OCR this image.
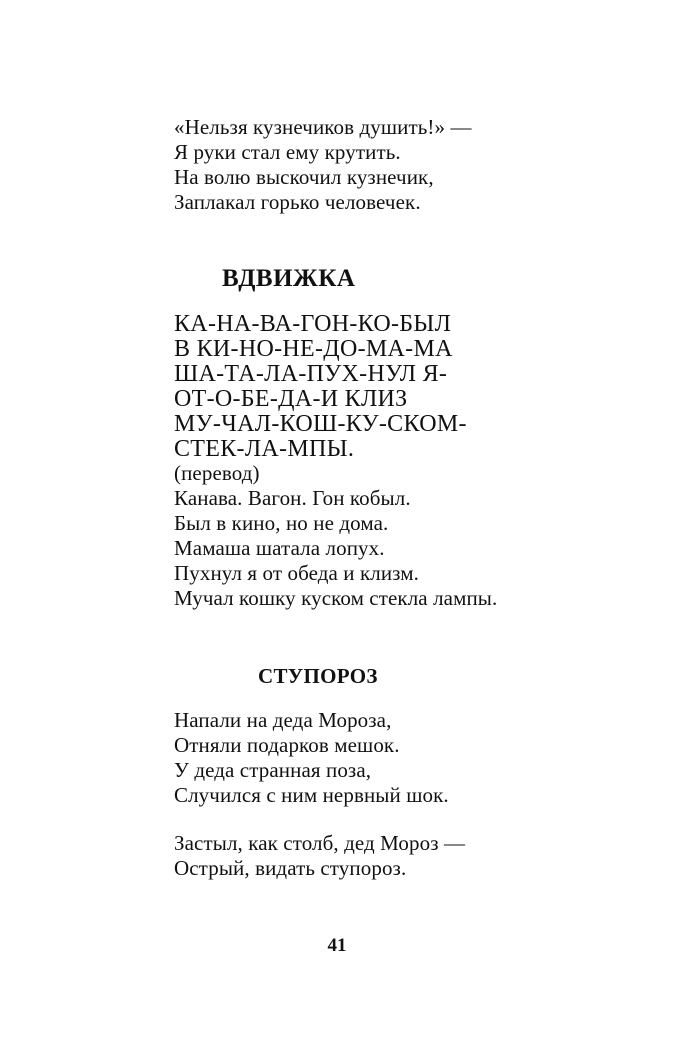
«Нельзя кузнечиков душить!» —
Я руки стал ему крутить.
На волю выскочил кузнечик,
Заплакал горько человечек.
ВДВИЖКА
КА-НА-ВА-ГОН-КО-БЫЛ
В КИ-НО-НЕ-ДО-МА-МА
ША-ТА-ЛА-ПУХ-НУЛ Я-
ОТ-О-БЕ-ДА-И КЛИЗ
МУ-ЧАЛ-КОШ-КУ-СКОМ-
СТЕК-ЛА-МПЫ.
(перевод)
Канава. Вагон. Гон кобыл.
Был в кино, но не дома.
Мамаша шатала лопух.
Пухнул я от обеда и клизм.
Мучал кошку куском стекла лампы.
СТУПОРОЗ
Напали на деда Мороза,
Отняли подарков мешок.
У деда странная поза,
Случился с ним нервный шок.
Застыл, как столб, дед Мороз —
Острый, видать ступороз.
41
